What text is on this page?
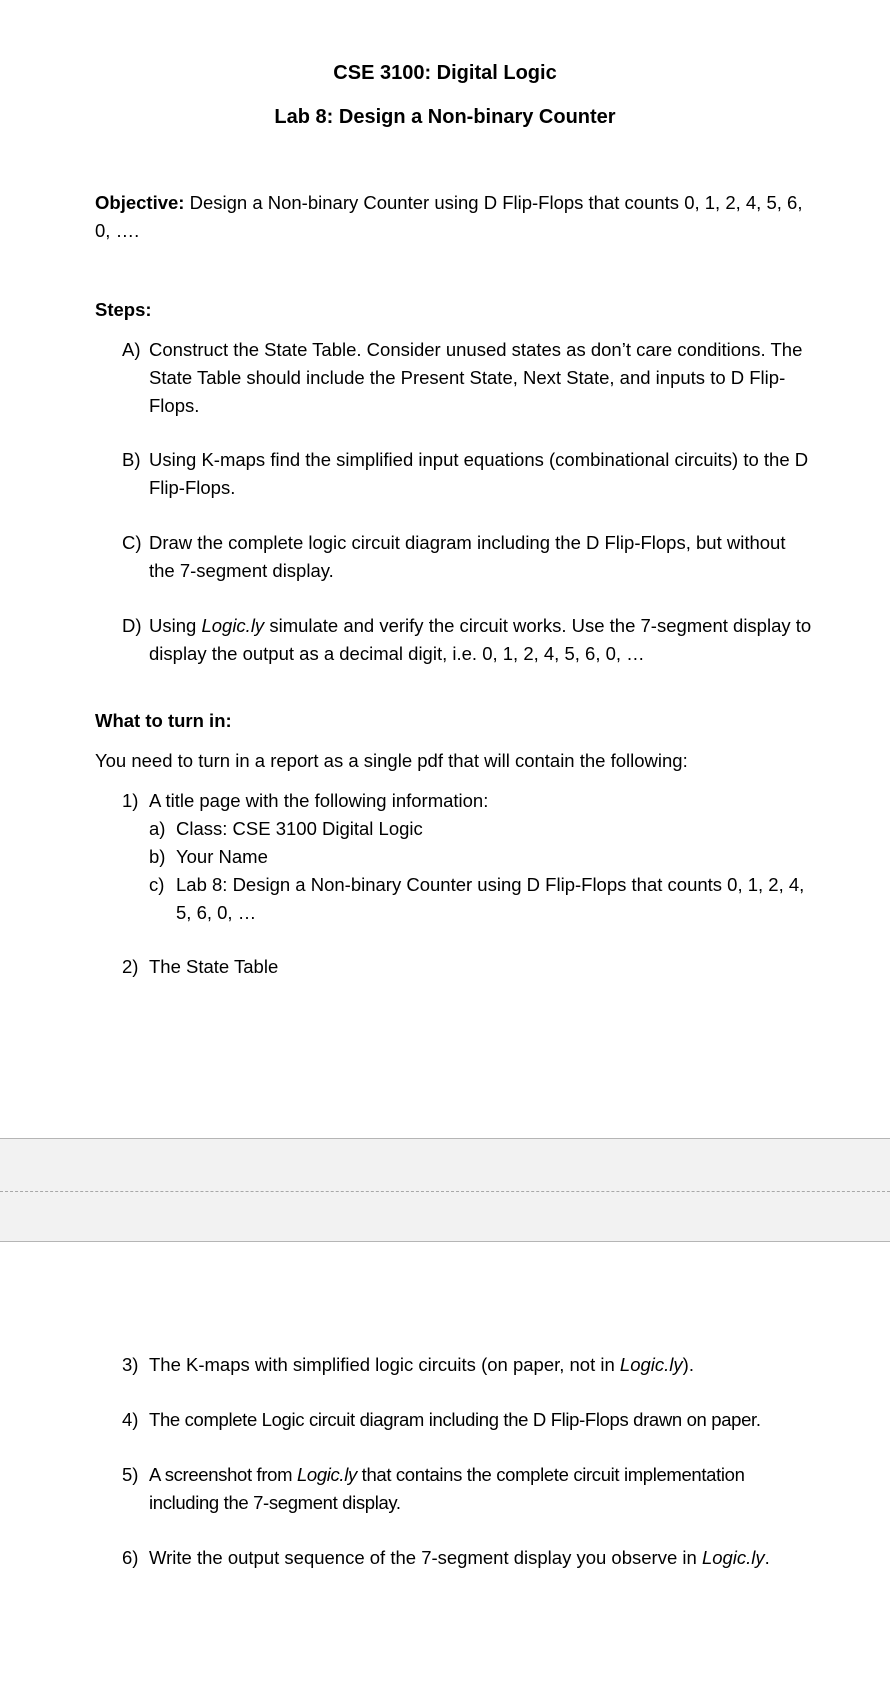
CSE 3100: Digital Logic
Lab 8: Design a Non-binary Counter
Objective: Design a Non-binary Counter using D Flip-Flops that counts 0, 1, 2, 4, 5, 6, 0, ….
Steps:
A) Construct the State Table. Consider unused states as don’t care conditions. The State Table should include the Present State, Next State, and inputs to D Flip-Flops.
B) Using K-maps find the simplified input equations (combinational circuits) to the D Flip-Flops.
C) Draw the complete logic circuit diagram including the D Flip-Flops, but without the 7-segment display.
D) Using Logic.ly simulate and verify the circuit works. Use the 7-segment display to display the output as a decimal digit, i.e. 0, 1, 2, 4, 5, 6, 0, …
What to turn in:
You need to turn in a report as a single pdf that will contain the following:
1) A title page with the following information:
a) Class: CSE 3100 Digital Logic
b) Your Name
c) Lab 8: Design a Non-binary Counter using D Flip-Flops that counts 0, 1, 2, 4, 5, 6, 0, …
2) The State Table
3) The K-maps with simplified logic circuits (on paper, not in Logic.ly).
4) The complete Logic circuit diagram including the D Flip-Flops drawn on paper.
5) A screenshot from Logic.ly that contains the complete circuit implementation including the 7-segment display.
6) Write the output sequence of the 7-segment display you observe in Logic.ly.
